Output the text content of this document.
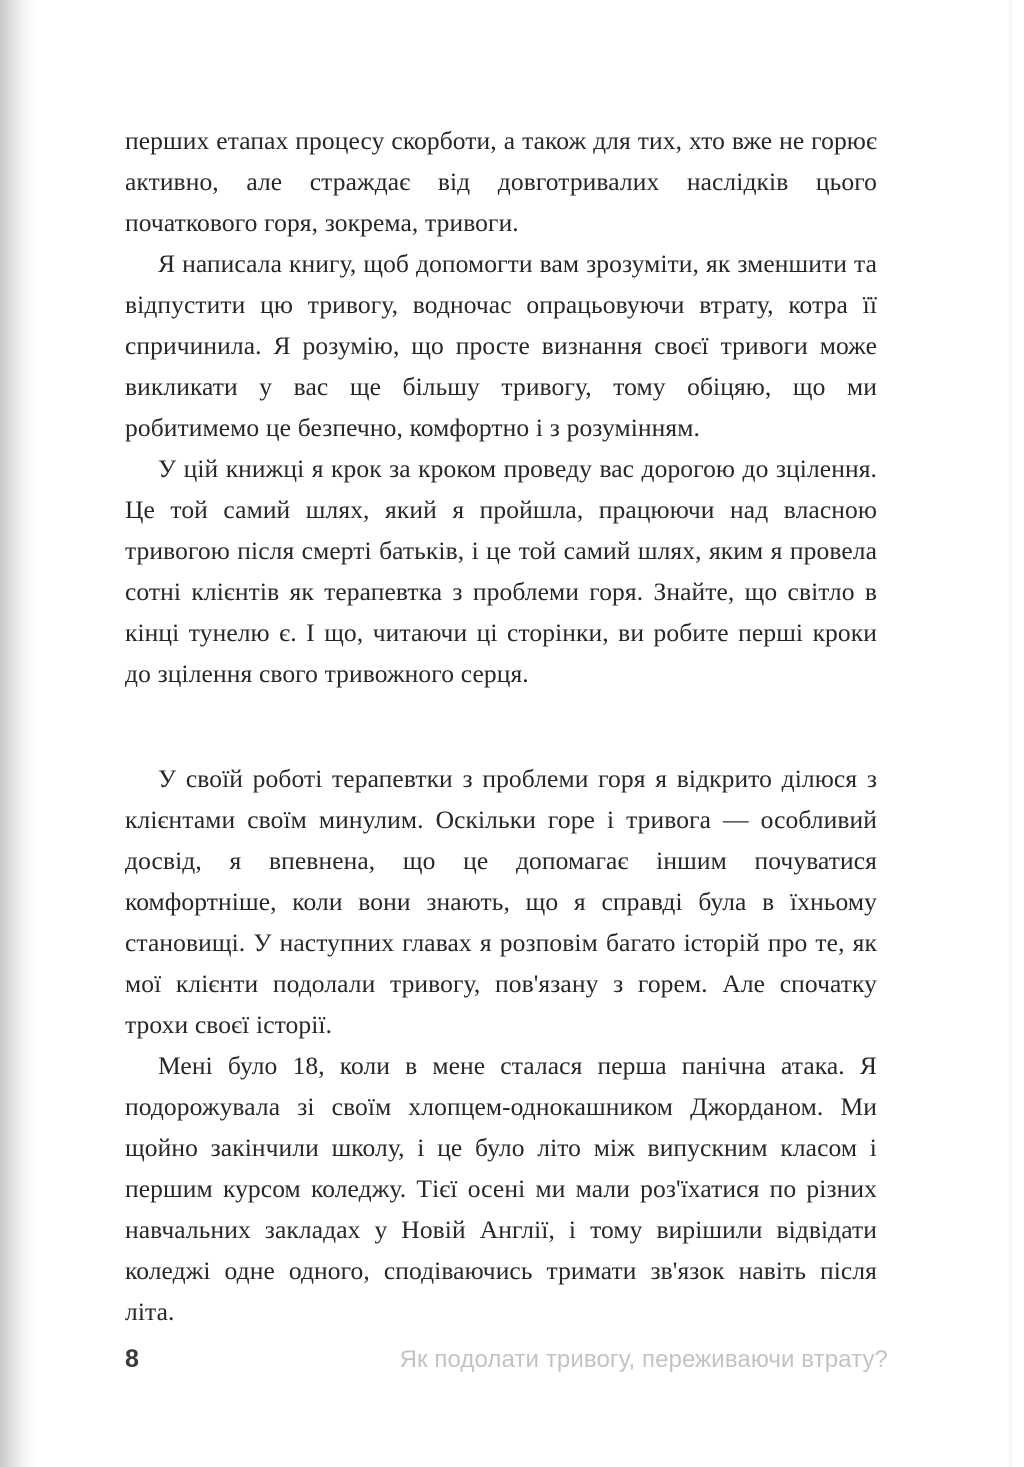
перших етапах процесу скорботи, а також для тих, хто вже не горює активно, але страждає від довготривалих наслідків цього початкового горя, зокрема, тривоги.

Я написала книгу, щоб допомогти вам зрозуміти, як зменшити та відпустити цю тривогу, водночас опрацьовуючи втрату, котра її спричинила. Я розумію, що просте визнання своєї тривоги може викликати у вас ще більшу тривогу, тому обіцяю, що ми робитимемо це безпечно, комфортно і з розумінням.

У цій книжці я крок за кроком проведу вас дорогою до зцілення. Це той самий шлях, який я пройшла, працюючи над власною тривогою після смерті батьків, і це той самий шлях, яким я провела сотні клієнтів як терапевтка з проблеми горя. Знайте, що світло в кінці тунелю є. І що, читаючи ці сторінки, ви робите перші кроки до зцілення свого тривожного серця.

У своїй роботі терапевтки з проблеми горя я відкрито ділюся з клієнтами своїм минулим. Оскільки горе і тривога — особливий досвід, я впевнена, що це допомагає іншим почуватися комфортніше, коли вони знають, що я справді була в їхньому становищі. У наступних главах я розповім багато історій про те, як мої клієнти подолали тривогу, пов'язану з горем. Але спочатку трохи своєї історії.

Мені було 18, коли в мене сталася перша панічна атака. Я подорожувала зі своїм хлопцем-однокашником Джорданом. Ми щойно закінчили школу, і це було літо між випускним класом і першим курсом коледжу. Тієї осені ми мали роз'їхатися по різних навчальних закладах у Новій Англії, і тому вирішили відвідати коледжі одне одного, сподіваючись тримати зв'язок навіть після літа.

8	Як подолати тривогу, переживаючи втрату?
